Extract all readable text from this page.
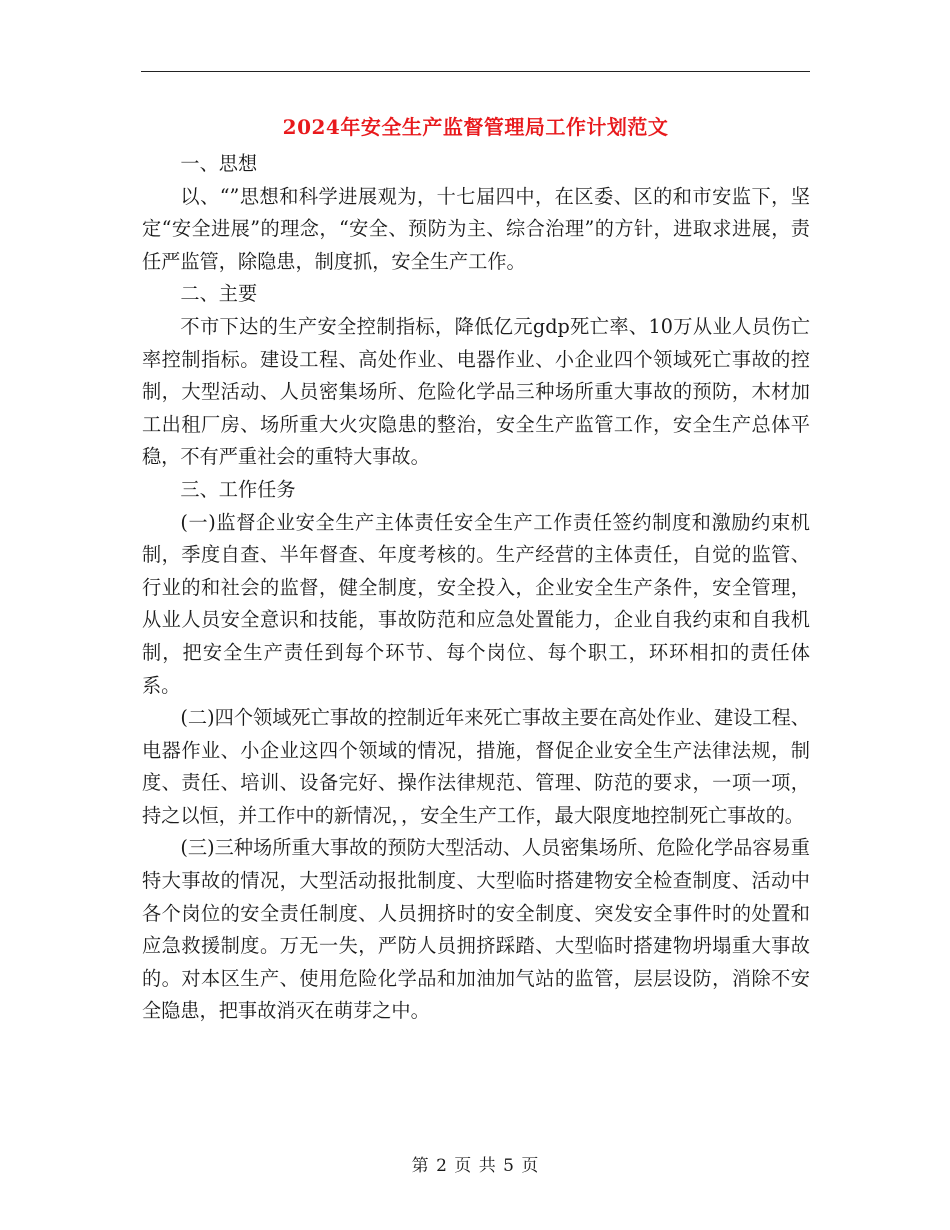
2024年安全生产监督管理局工作计划范文

一、思想

以、“”思想和科学进展观为，十七届四中，在区委、区的和市安监下，坚定“安全进展”的理念，“安全、预防为主、综合治理”的方针，进取求进展，责任严监管，除隐患，制度抓，安全生产工作。

二、主要

不市下达的生产安全控制指标，降低亿元gdp死亡率、10万从业人员伤亡率控制指标。建设工程、高处作业、电器作业、小企业四个领域死亡事故的控制，大型活动、人员密集场所、危险化学品三种场所重大事故的预防，木材加工出租厂房、场所重大火灾隐患的整治，安全生产监管工作，安全生产总体平稳，不有严重社会的重特大事故。

三、工作任务

(一)监督企业安全生产主体责任安全生产工作责任签约制度和激励约束机制，季度自查、半年督查、年度考核的。生产经营的主体责任，自觉的监管、行业的和社会的监督，健全制度，安全投入，企业安全生产条件，安全管理，从业人员安全意识和技能，事故防范和应急处置能力，企业自我约束和自我机制，把安全生产责任到每个环节、每个岗位、每个职工，环环相扣的责任体系。

(二)四个领域死亡事故的控制近年来死亡事故主要在高处作业、建设工程、电器作业、小企业这四个领域的情况，措施，督促企业安全生产法律法规，制度、责任、培训、设备完好、操作法律规范、管理、防范的要求，一项一项，持之以恒，并工作中的新情况，，安全生产工作，最大限度地控制死亡事故的。

(三)三种场所重大事故的预防大型活动、人员密集场所、危险化学品容易重特大事故的情况，大型活动报批制度、大型临时搭建物安全检查制度、活动中各个岗位的安全责任制度、人员拥挤时的安全制度、突发安全事件时的处置和应急救援制度。万无一失，严防人员拥挤踩踏、大型临时搭建物坍塌重大事故的。对本区生产、使用危险化学品和加油加气站的监管，层层设防，消除不安全隐患，把事故消灭在萌芽之中。

第 2 页 共 5 页
